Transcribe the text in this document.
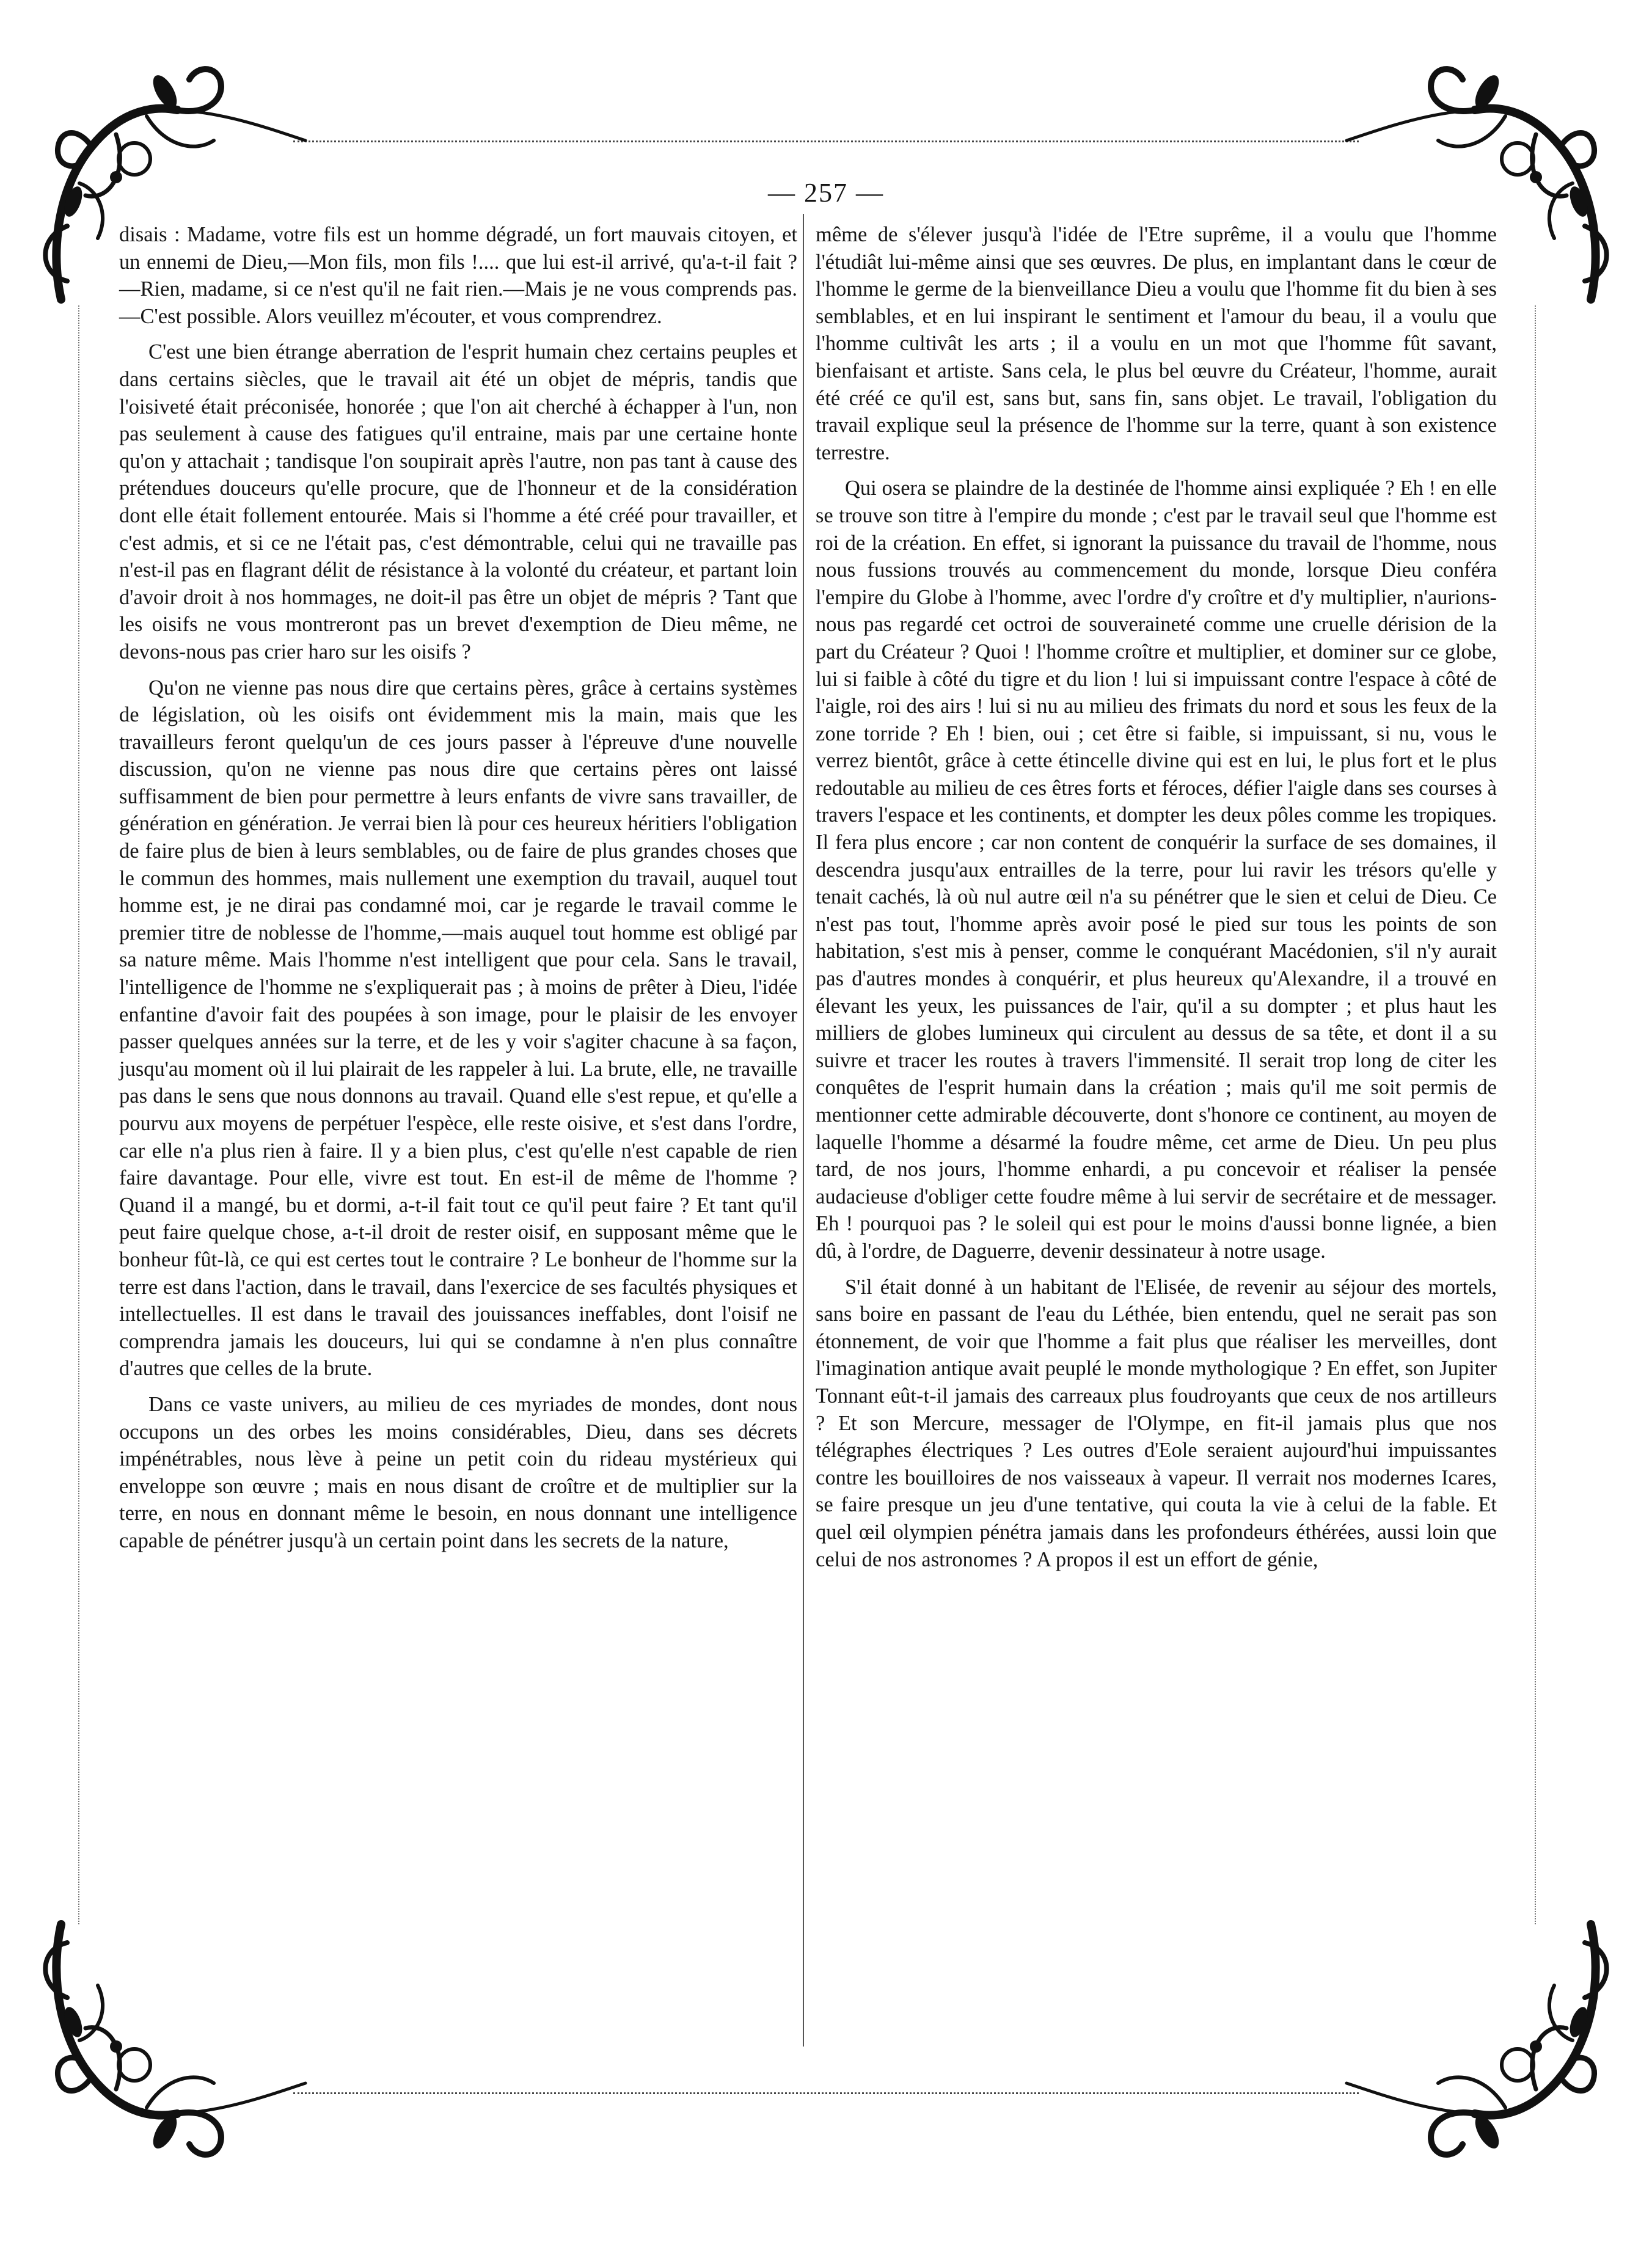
— 257 —

disais : Madame, votre fils est un homme dégradé, un fort mauvais citoyen, et un ennemi de Dieu,—Mon fils, mon fils !.... que lui est-il arrivé, qu'a-t-il fait ?—Rien, madame, si ce n'est qu'il ne fait rien.—Mais je ne vous comprends pas.—C'est possible. Alors veuillez m'écouter, et vous comprendrez.

C'est une bien étrange aberration de l'esprit humain chez certains peuples et dans certains siècles, que le travail ait été un objet de mépris, tandis que l'oisiveté était préconisée, honorée ; que l'on ait cherché à échapper à l'un, non pas seulement à cause des fatigues qu'il entraine, mais par une certaine honte qu'on y attachait ; tandisque l'on soupirait après l'autre, non pas tant à cause des prétendues douceurs qu'elle procure, que de l'honneur et de la considération dont elle était follement entourée. Mais si l'homme a été créé pour travailler, et c'est admis, et si ce ne l'était pas, c'est démontrable, celui qui ne travaille pas n'est-il pas en flagrant délit de résistance à la volonté du créateur, et partant loin d'avoir droit à nos hommages, ne doit-il pas être un objet de mépris ? Tant que les oisifs ne vous montreront pas un brevet d'exemption de Dieu même, ne devons-nous pas crier haro sur les oisifs ?

Qu'on ne vienne pas nous dire que certains pères, grâce à certains systèmes de législation, où les oisifs ont évidemment mis la main, mais que les travailleurs feront quelqu'un de ces jours passer à l'épreuve d'une nouvelle discussion, qu'on ne vienne pas nous dire que certains pères ont laissé suffisamment de bien pour permettre à leurs enfants de vivre sans travailler, de génération en génération. Je verrai bien là pour ces heureux héritiers l'obligation de faire plus de bien à leurs semblables, ou de faire de plus grandes choses que le commun des hommes, mais nullement une exemption du travail, auquel tout homme est, je ne dirai pas condamné moi, car je regarde le travail comme le premier titre de noblesse de l'homme,—mais auquel tout homme est obligé par sa nature même. Mais l'homme n'est intelligent que pour cela. Sans le travail, l'intelligence de l'homme ne s'expliquerait pas ; à moins de prêter à Dieu, l'idée enfantine d'avoir fait des poupées à son image, pour le plaisir de les envoyer passer quelques années sur la terre, et de les y voir s'agiter chacune à sa façon, jusqu'au moment où il lui plairait de les rappeler à lui. La brute, elle, ne travaille pas dans le sens que nous donnons au travail. Quand elle s'est repue, et qu'elle a pourvu aux moyens de perpétuer l'espèce, elle reste oisive, et s'est dans l'ordre, car elle n'a plus rien à faire. Il y a bien plus, c'est qu'elle n'est capable de rien faire davantage. Pour elle, vivre est tout. En est-il de même de l'homme ? Quand il a mangé, bu et dormi, a-t-il fait tout ce qu'il peut faire ? Et tant qu'il peut faire quelque chose, a-t-il droit de rester oisif, en supposant même que le bonheur fût-là, ce qui est certes tout le contraire ? Le bonheur de l'homme sur la terre est dans l'action, dans le travail, dans l'exercice de ses facultés physiques et intellectuelles. Il est dans le travail des jouissances ineffables, dont l'oisif ne comprendra jamais les douceurs, lui qui se condamne à n'en plus connaître d'autres que celles de la brute.

Dans ce vaste univers, au milieu de ces myriades de mondes, dont nous occupons un des orbes les moins considérables, Dieu, dans ses décrets impénétrables, nous lève à peine un petit coin du rideau mystérieux qui enveloppe son œuvre ; mais en nous disant de croître et de multiplier sur la terre, en nous en donnant même le besoin, en nous donnant une intelligence capable de pénétrer jusqu'à un certain point dans les secrets de la nature,

même de s'élever jusqu'à l'idée de l'Etre suprême, il a voulu que l'homme l'étudiât lui-même ainsi que ses œuvres. De plus, en implantant dans le cœur de l'homme le germe de la bienveillance Dieu a voulu que l'homme fit du bien à ses semblables, et en lui inspirant le sentiment et l'amour du beau, il a voulu que l'homme cultivât les arts ; il a voulu en un mot que l'homme fût savant, bienfaisant et artiste. Sans cela, le plus bel œuvre du Créateur, l'homme, aurait été créé ce qu'il est, sans but, sans fin, sans objet. Le travail, l'obligation du travail explique seul la présence de l'homme sur la terre, quant à son existence terrestre.

Qui osera se plaindre de la destinée de l'homme ainsi expliquée ? Eh ! en elle se trouve son titre à l'empire du monde ; c'est par le travail seul que l'homme est roi de la création. En effet, si ignorant la puissance du travail de l'homme, nous nous fussions trouvés au commencement du monde, lorsque Dieu conféra l'empire du Globe à l'homme, avec l'ordre d'y croître et d'y multiplier, n'aurions-nous pas regardé cet octroi de souveraineté comme une cruelle dérision de la part du Créateur ? Quoi ! l'homme croître et multiplier, et dominer sur ce globe, lui si faible à côté du tigre et du lion ! lui si impuissant contre l'espace à côté de l'aigle, roi des airs ! lui si nu au milieu des frimats du nord et sous les feux de la zone torride ? Eh ! bien, oui ; cet être si faible, si impuissant, si nu, vous le verrez bientôt, grâce à cette étincelle divine qui est en lui, le plus fort et le plus redoutable au milieu de ces êtres forts et féroces, défier l'aigle dans ses courses à travers l'espace et les continents, et dompter les deux pôles comme les tropiques. Il fera plus encore ; car non content de conquérir la surface de ses domaines, il descendra jusqu'aux entrailles de la terre, pour lui ravir les trésors qu'elle y tenait cachés, là où nul autre œil n'a su pénétrer que le sien et celui de Dieu. Ce n'est pas tout, l'homme après avoir posé le pied sur tous les points de son habitation, s'est mis à penser, comme le conquérant Macédonien, s'il n'y aurait pas d'autres mondes à conquérir, et plus heureux qu'Alexandre, il a trouvé en élevant les yeux, les puissances de l'air, qu'il a su dompter ; et plus haut les milliers de globes lumineux qui circulent au dessus de sa tête, et dont il a su suivre et tracer les routes à travers l'immensité. Il serait trop long de citer les conquêtes de l'esprit humain dans la création ; mais qu'il me soit permis de mentionner cette admirable découverte, dont s'honore ce continent, au moyen de laquelle l'homme a désarmé la foudre même, cet arme de Dieu. Un peu plus tard, de nos jours, l'homme enhardi, a pu concevoir et réaliser la pensée audacieuse d'obliger cette foudre même à lui servir de secrétaire et de messager. Eh ! pourquoi pas ? le soleil qui est pour le moins d'aussi bonne lignée, a bien dû, à l'ordre, de Daguerre, devenir dessinateur à notre usage.

S'il était donné à un habitant de l'Elisée, de revenir au séjour des mortels, sans boire en passant de l'eau du Léthée, bien entendu, quel ne serait pas son étonnement, de voir que l'homme a fait plus que réaliser les merveilles, dont l'imagination antique avait peuplé le monde mythologique ? En effet, son Jupiter Tonnant eût-t-il jamais des carreaux plus foudroyants que ceux de nos artilleurs ? Et son Mercure, messager de l'Olympe, en fit-il jamais plus que nos télégraphes électriques ? Les outres d'Eole seraient aujourd'hui impuissantes contre les bouilloires de nos vaisseaux à vapeur. Il verrait nos modernes Icares, se faire presque un jeu d'une tentative, qui couta la vie à celui de la fable. Et quel œil olympien pénétra jamais dans les profondeurs éthérées, aussi loin que celui de nos astronomes ? A propos il est un effort de génie,
